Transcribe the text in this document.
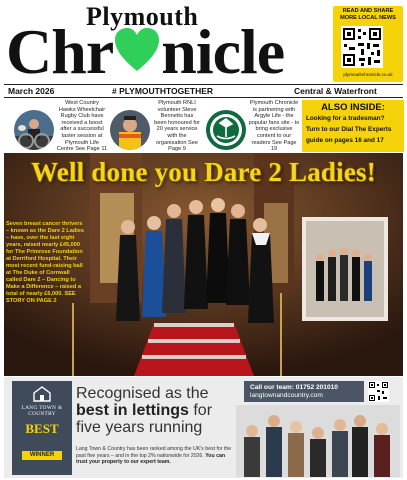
Plymouth
Chr nicle
READ AND SHARE MORE LOCAL NEWS
plymouthchronicle.co.uk
March 2026	# PLYMOUTHTOGETHER	Central & Waterfront
West Country Hawks Wheelchair Rugby Club have received a boost after a successful taster session at Plymouth Life Centre See Page 11
Plymouth RNLI volunteer Steve Bennetts has been honoured for 20 years service with the organisation See Page 9
Plymouth Chronicle is partnering with Argyle Life - the popular fans site - to bring exclusive content to our readers See Page 19
ALSO INSIDE:
Looking for a tradesman?
Turn to our Dial The Experts
guide on pages 16 and 17
Well done you Dare 2 Ladies!
Seven breast cancer thrivers – known as the Dare 2 Ladies – have, over the last eight years, raised nearly £45,000 for The Primrose Foundation at Derriford Hospital. Their most recent fund-raising ball at The Duke of Cornwall called Dare 2 – Dancing to Make a Difference – raised a total of nearly £6,000. SEE STORY ON PAGE 2
LANG TOWN & COUNTRY
BEST
WINNER
Recognised as the
best in lettings for
five years running
Lang Town & Country has been ranked among the UK's best for the past five years – and in the top 2% nationwide for 2026. You can trust your property to our expert team.
Call our team: 01752 201010
langtownandcountry.com
